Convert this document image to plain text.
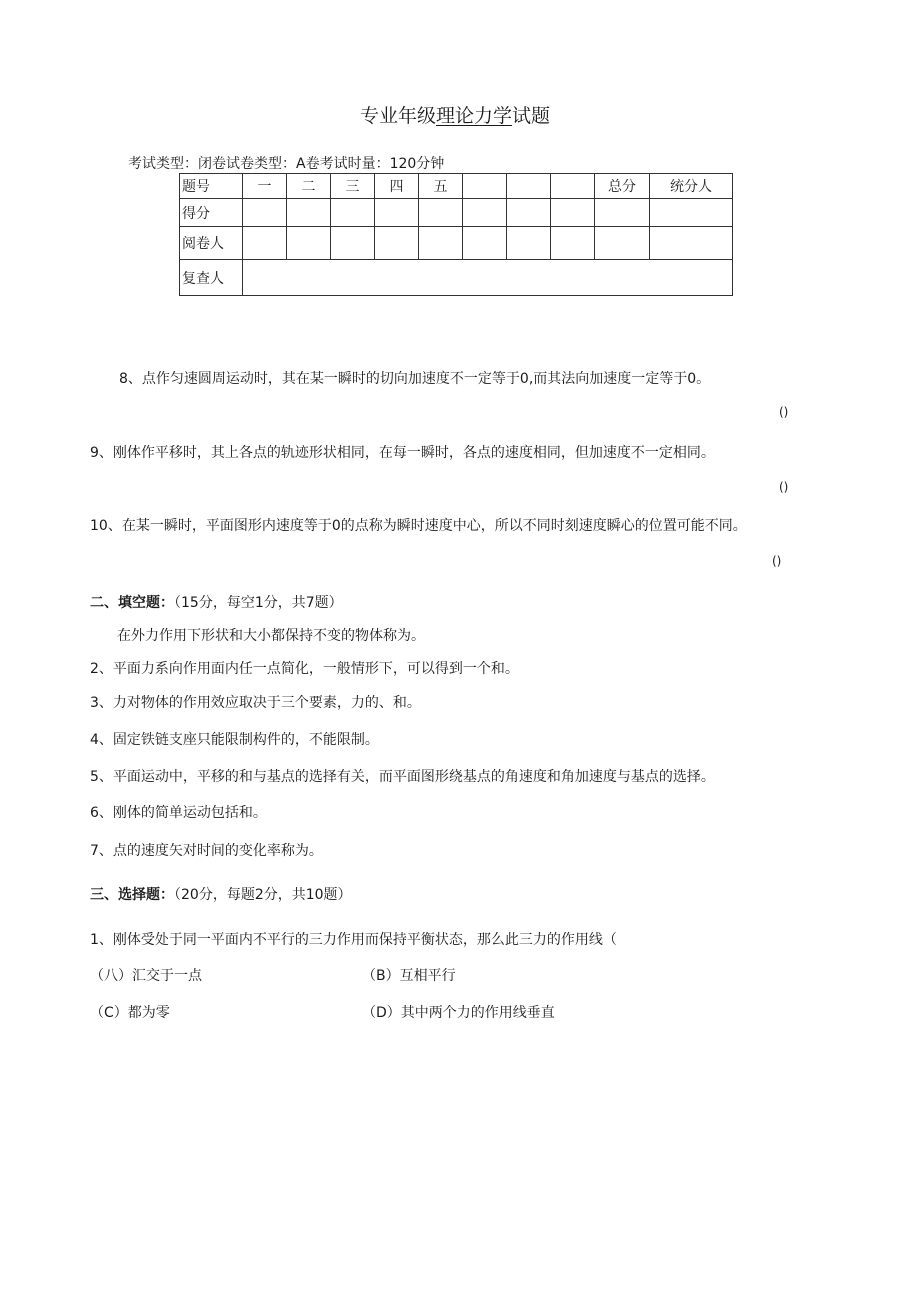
专业年级理论力学试题
考试类型：闭卷试卷类型：A卷考试时量：120分钟
题号	一	二	三	四	五				总分	统分人
得分										
阅卷人										
复查人										
8、点作匀速圆周运动时，其在某一瞬时的切向加速度不一定等于0,而其法向加速度一定等于0。
()
9、刚体作平移时，其上各点的轨迹形状相同，在每一瞬时，各点的速度相同，但加速度不一定相同。
()
10、在某一瞬时，平面图形内速度等于0的点称为瞬时速度中心，所以不同时刻速度瞬心的位置可能不同。
()
二、填空题：（15分，每空1分，共7题）
在外力作用下形状和大小都保持不变的物体称为。
2、平面力系向作用面内任一点简化，一般情形下，可以得到一个和。
3、力对物体的作用效应取决于三个要素，力的、和。
4、固定铁链支座只能限制构件的，不能限制。
5、平面运动中，平移的和与基点的选择有关，而平面图形绕基点的角速度和角加速度与基点的选择。
6、刚体的简单运动包括和。
7、点的速度矢对时间的变化率称为。
三、选择题：（20分，每题2分，共10题）
1、刚体受处于同一平面内不平行的三力作用而保持平衡状态，那么此三力的作用线（
（八）汇交于一点	（B）互相平行
（C）都为零	（D）其中两个力的作用线垂直
